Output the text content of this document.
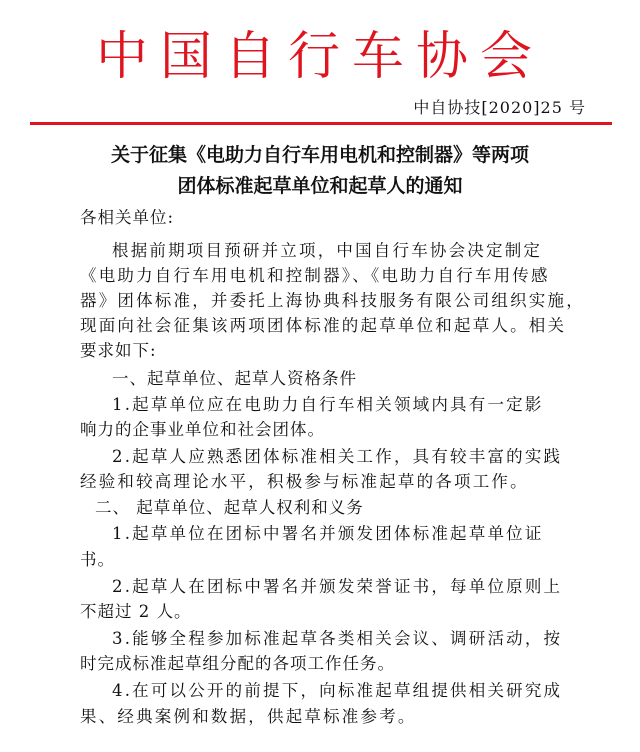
中国自行车协会
中自协技[2020]25 号
关于征集《电助力自行车用电机和控制器》等两项
团体标准起草单位和起草人的通知
各相关单位:
根据前期项目预研并立项，中国自行车协会决定制定
《电助力自行车用电机和控制器》、《电助力自行车用传感
器》团体标准，并委托上海协典科技服务有限公司组织实施，
现面向社会征集该两项团体标准的起草单位和起草人。相关
要求如下:
一、起草单位、起草人资格条件
1.起草单位应在电助力自行车相关领域内具有一定影
响力的企事业单位和社会团体。
2.起草人应熟悉团体标准相关工作，具有较丰富的实践
经验和较高理论水平，积极参与标准起草的各项工作。
二、 起草单位、起草人权利和义务
1.起草单位在团标中署名并颁发团体标准起草单位证
书。
2.起草人在团标中署名并颁发荣誉证书，每单位原则上
不超过 2 人。
3.能够全程参加标准起草各类相关会议、调研活动，按
时完成标准起草组分配的各项工作任务。
4.在可以公开的前提下，向标准起草组提供相关研究成
果、经典案例和数据，供起草标准参考。
